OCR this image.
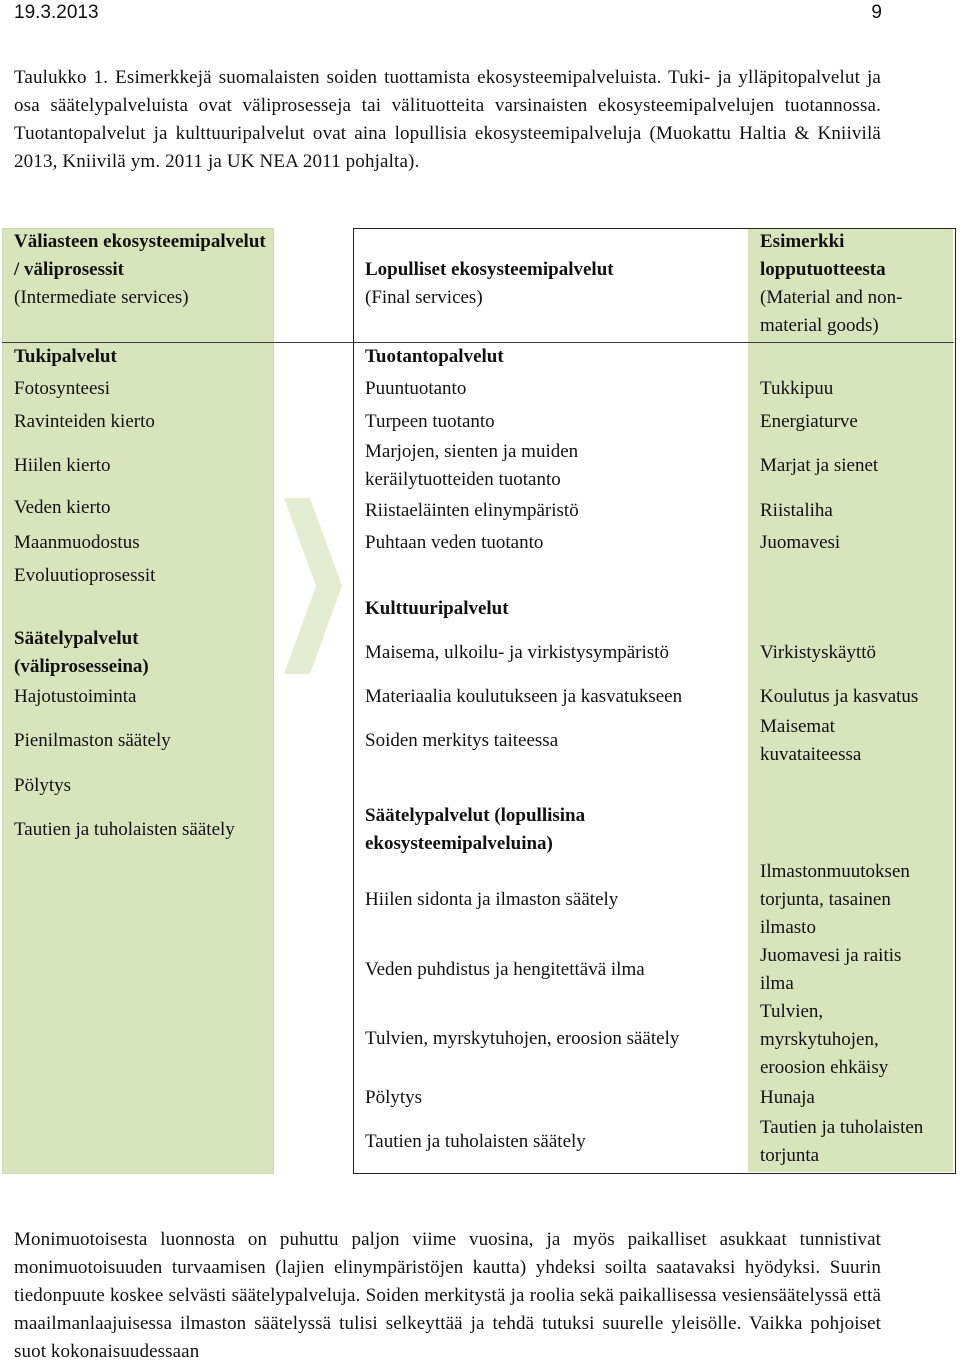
19.3.2013	9

Taulukko 1. Esimerkkejä suomalaisten soiden tuottamista ekosysteemipalveluista. Tuki- ja ylläpitopalvelut ja osa säätelypalveluista ovat väliprosesseja tai välituotteita varsinaisten ekosysteemipalvelujen tuotannossa. Tuotantopalvelut ja kulttuuripalvelut ovat aina lopullisia ekosysteemipalveluja (Muokattu Haltia & Kniivilä 2013, Kniivilä ym. 2011 ja UK NEA 2011 pohjalta).

Väliasteen ekosysteemipalvelut / väliprosessit
(Intermediate services)
Lopulliset ekosysteemipalvelut
(Final services)
Esimerkki lopputuotteesta
(Material and non-material goods)
Tukipalvelut
Fotosynteesi
Ravinteiden kierto
Hiilen kierto
Veden kierto
Maanmuodostus
Evoluutioprosessit
Säätelypalvelut (väliprosesseina)
Hajotustoiminta
Pienilmaston säätely
Pölytys
Tautien ja tuholaisten säätely
Tuotantopalvelut
Puuntuotanto
Turpeen tuotanto
Marjojen, sienten ja muiden keräilytuotteiden tuotanto
Riistaeläinten elinympäristö
Puhtaan veden tuotanto
Kulttuuripalvelut
Maisema, ulkoilu- ja virkistysympäristö
Materiaalia koulutukseen ja kasvatukseen
Soiden merkitys taiteessa
Säätelypalvelut (lopullisina ekosysteemipalveluina)
Hiilen sidonta ja ilmaston säätely
Veden puhdistus ja hengitettävä ilma
Tulvien, myrskytuhojen, eroosion säätely
Pölytys
Tautien ja tuholaisten säätely
Tukkipuu
Energiaturve
Marjat ja sienet
Riistaliha
Juomavesi
Virkistyskäyttö
Koulutus ja kasvatus
Maisemat kuvataiteessa
Ilmastonmuutoksen torjunta, tasainen ilmasto
Juomavesi ja raitis ilma
Tulvien, myrskytuhojen, eroosion ehkäisy
Hunaja
Tautien ja tuholaisten torjunta

Monimuotoisesta luonnosta on puhuttu paljon viime vuosina, ja myös paikalliset asukkaat tunnistivat monimuotoisuuden turvaamisen (lajien elinympäristöjen kautta) yhdeksi soilta saatavaksi hyödyksi. Suurin tiedonpuute koskee selvästi säätelypalveluja. Soiden merkitystä ja roolia sekä paikallisessa vesiensäätelyssä että maailmanlaajuisessa ilmaston säätelyssä tulisi selkeyttää ja tehdä tutuksi suurelle yleisölle. Vaikka pohjoiset suot kokonaisuudessaan
